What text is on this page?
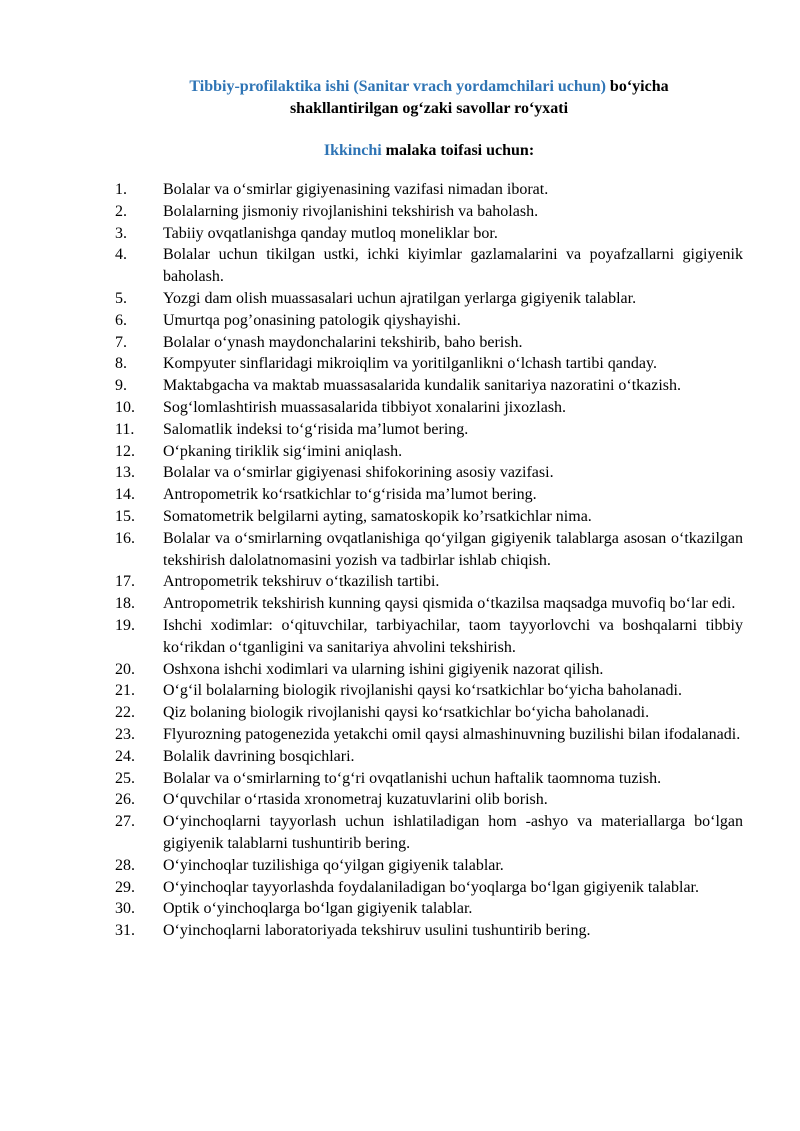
Tibbiy-profilaktika ishi (Sanitar vrach yordamchilari uchun) bo‘yicha

shakllantirilgan og‘zaki savollar ro‘yxati

Ikkinchi malaka toifasi uchun:

1.	Bolalar va o‘smirlar gigiyenasining vazifasi nimadan iborat.
2.	Bolalarning jismoniy rivojlanishini tekshirish va baholash.
3.	Tabiiy ovqatlanishga qanday mutloq moneliklar bor.
4.	Bolalar uchun tikilgan ustki, ichki kiyimlar gazlamalarini va poyafzallarni gigiyenik baholash.
5.	Yozgi dam olish muassasalari uchun ajratilgan yerlarga gigiyenik talablar.
6.	Umurtqa pog’onasining patologik qiyshayishi.
7.	Bolalar o‘ynash maydonchalarini tekshirib, baho berish.
8.	Kompyuter sinflaridagi mikroiqlim va yoritilganlikni o‘lchash tartibi qanday.
9.	Maktabgacha va maktab muassasalarida kundalik sanitariya nazoratini o‘tkazish.
10.	Sog‘lomlashtirish muassasalarida tibbiyot xonalarini jixozlash.
11.	Salomatlik indeksi to‘g‘risida ma’lumot bering.
12.	O‘pkaning tiriklik sig‘imini aniqlash.
13.	Bolalar va o‘smirlar gigiyenasi shifokorining asosiy vazifasi.
14.	Antropometrik ko‘rsatkichlar to‘g‘risida ma’lumot bering.
15.	Somatometrik belgilarni ayting, samatoskopik ko’rsatkichlar nima.
16.	Bolalar va o‘smirlarning ovqatlanishiga qo‘yilgan gigiyenik talablarga asosan o‘tkazilgan tekshirish dalolatnomasini yozish va tadbirlar ishlab chiqish.
17.	Antropometrik tekshiruv o‘tkazilish tartibi.
18.	Antropometrik tekshirish kunning qaysi qismida o‘tkazilsa maqsadga muvofiq bo‘lar edi.
19.	Ishchi xodimlar: o‘qituvchilar, tarbiyachilar, taom tayyorlovchi va boshqalarni tibbiy ko‘rikdan o‘tganligini va sanitariya ahvolini tekshirish.
20.	Oshxona ishchi xodimlari va ularning ishini gigiyenik nazorat qilish.
21.	O‘g‘il bolalarning biologik rivojlanishi qaysi ko‘rsatkichlar bo‘yicha baholanadi.
22.	Qiz bolaning biologik rivojlanishi qaysi ko‘rsatkichlar bo‘yicha baholanadi.
23.	Flyurozning patogenezida yetakchi omil qaysi almashinuvning buzilishi bilan ifodalanadi.
24.	Bolalik davrining bosqichlari.
25.	Bolalar va o‘smirlarning to‘g‘ri ovqatlanishi uchun haftalik taomnoma tuzish.
26.	O‘quvchilar o‘rtasida xronometraj kuzatuvlarini olib borish.
27.	O‘yinchoqlarni tayyorlash uchun ishlatiladigan hom -ashyo va materiallarga bo‘lgan gigiyenik talablarni tushuntirib bering.
28.	O‘yinchoqlar tuzilishiga qo‘yilgan gigiyenik talablar.
29.	O‘yinchoqlar tayyorlashda foydalaniladigan bo‘yoqlarga bo‘lgan gigiyenik talablar.
30.	Optik o‘yinchoqlarga bo‘lgan gigiyenik talablar.
31.	O‘yinchoqlarni laboratoriyada tekshiruv usulini tushuntirib bering.
